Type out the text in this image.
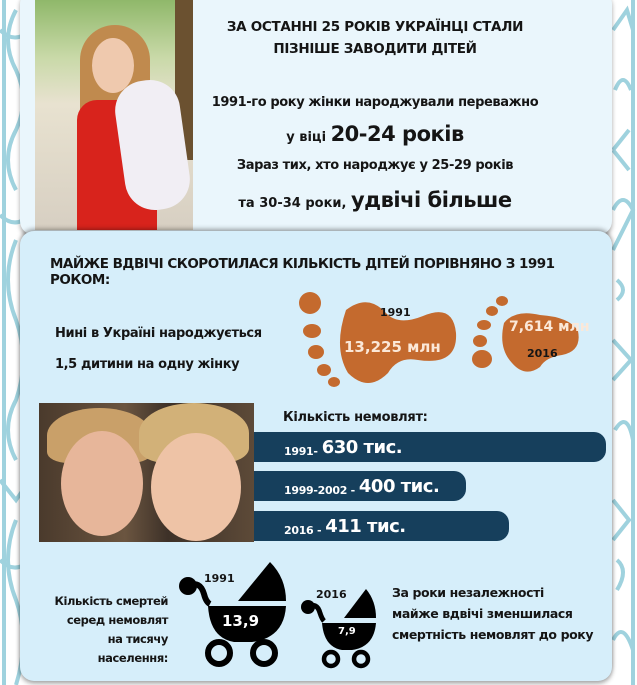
ЗА ОСТАННІ 25 РОКІВ УКРАЇНЦІ СТАЛИ
ПІЗНІШЕ ЗАВОДИТИ ДІТЕЙ
1991-го року жінки народжували переважно
у віці 20-24 років
Зараз тих, хто народжує у 25-29 років
та 30-34 роки, удвічі більше
МАЙЖЕ ВДВІЧІ СКОРОТИЛАСЯ КІЛЬКІСТЬ ДІТЕЙ ПОРІВНЯНО З 1991 РОКОМ:
Нині в Україні народжується
1,5 дитини на одну жінку
1991
13,225 млн
7,614 млн
2016
Кількість немовлят:
1991- 630 тис.
1999-2002 - 400 тис.
2016 - 411 тис.
Кількість смертей
серед немовлят
на тисячу населення:
1991
13,9
2016
7,9
За роки незалежності
майже вдвічі зменшилася
смертність немовлят до року
